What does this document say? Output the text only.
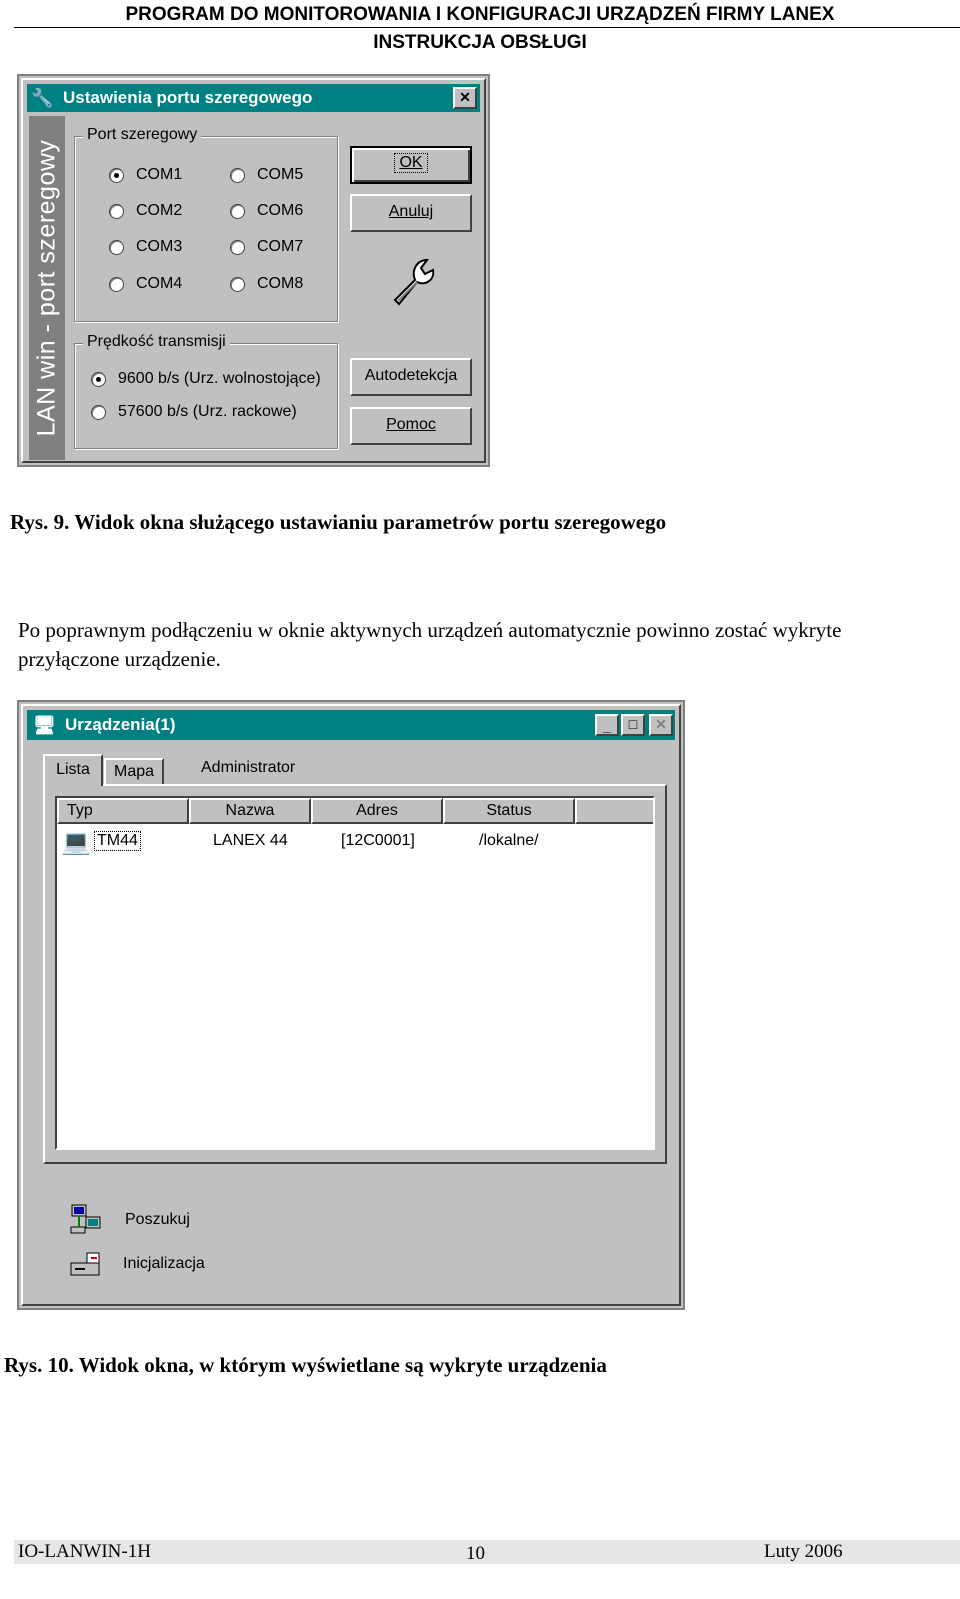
PROGRAM DO MONITOROWANIA I KONFIGURACJI URZĄDZEŃ FIRMY LANEX
INSTRUKCJA OBSŁUGI
🔧 Ustawienia portu szeregowego	✕
LAN win - port szeregowy
Port szeregowy
COM1
COM2
COM3
COM4
COM5
COM6
COM7
COM8
Prędkość transmisji
9600 b/s (Urz. wolnostojące)
57600 b/s (Urz. rackowe)
OK
Anuluj
Autodetekcja
Pomoc
Rys. 9. Widok okna służącego ustawianiu parametrów portu szeregowego
Po poprawnym podłączeniu w oknie aktywnych urządzeń automatycznie powinno zostać wykryte przyłączone urządzenie.
🖥 Urządzenia(1)	_	□	✕
Lista	Mapa	Administrator
Typ	Nazwa	Adres	Status
💻 TM44	LANEX 44	[12C0001]	/lokalne/
Poszukuj
Inicjalizacja
Rys. 10. Widok okna, w którym wyświetlane są wykryte urządzenia
IO-LANWIN-1H	10	Luty 2006
